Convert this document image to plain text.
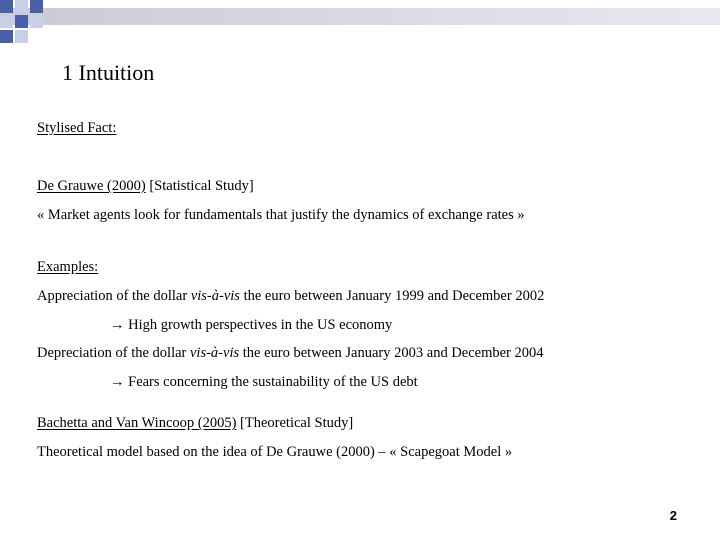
1 Intuition
Stylised Fact:
De Grauwe (2000) [Statistical Study]
« Market agents look for fundamentals that justify the dynamics of exchange rates »
Examples:
Appreciation of the dollar vis-à-vis the euro between January 1999 and December 2002
→ High growth perspectives in the US economy
Depreciation of the dollar vis-à-vis the euro between January 2003 and December 2004
→ Fears concerning the sustainability of the US debt
Bachetta and Van Wincoop (2005) [Theoretical Study]
Theoretical model based on the idea of De Grauwe (2000) – « Scapegoat Model »
2
